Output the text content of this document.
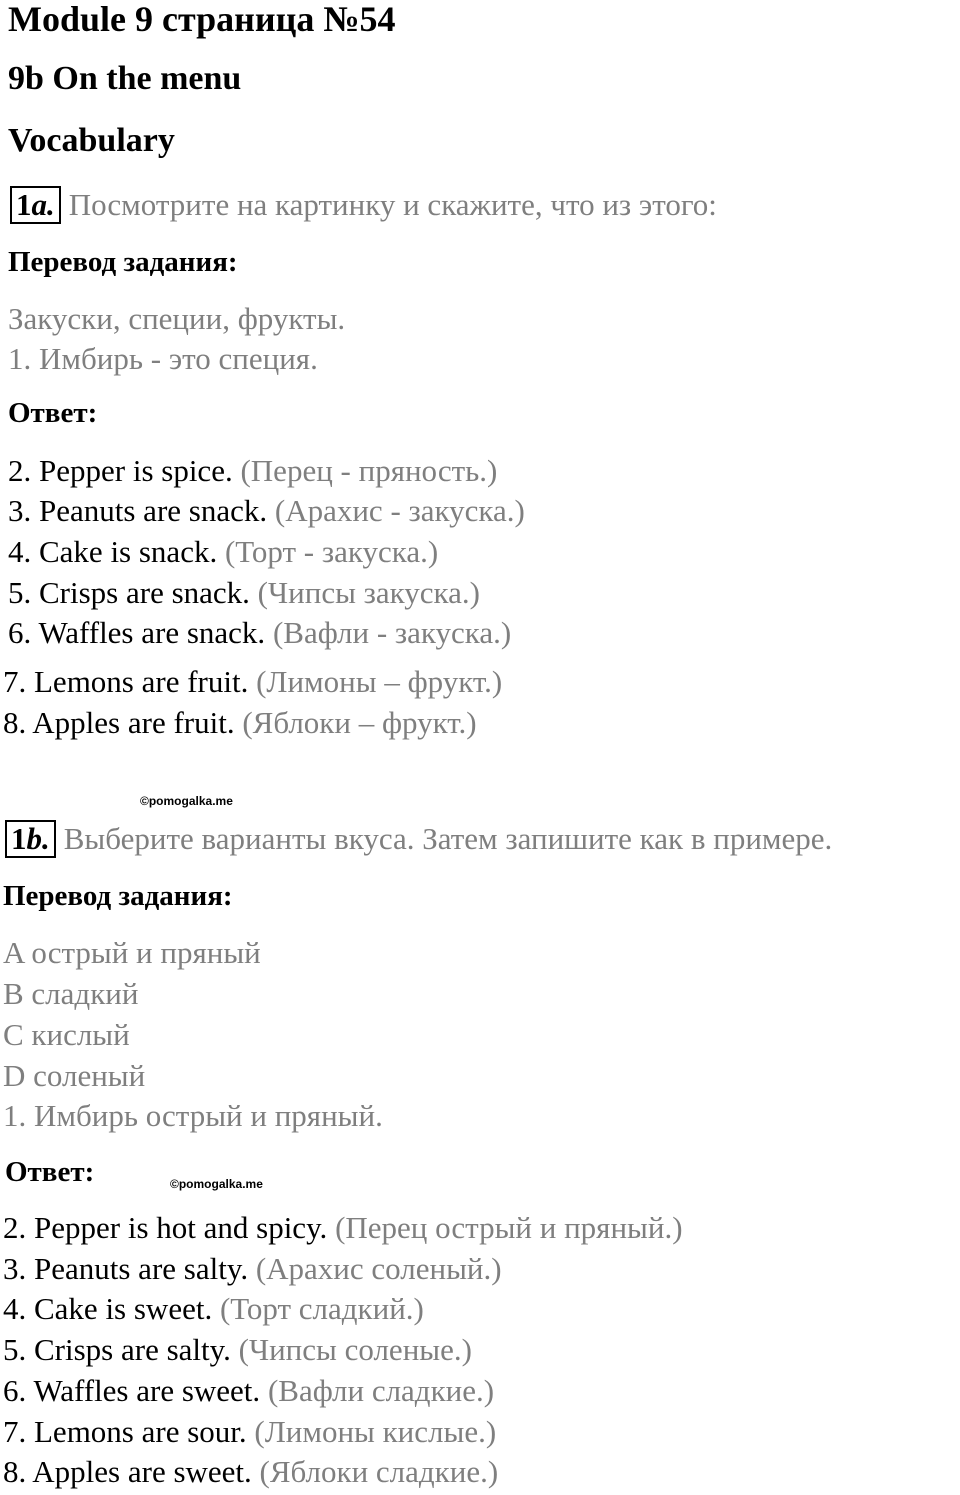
Module 9 страница №54
9b On the menu
Vocabulary
1a. Посмотрите на картинку и скажите, что из этого:
Перевод задания:
Закуски, специи, фрукты.
1. Имбирь - это специя.
Ответ:
2. Pepper is spice. (Перец - пряность.)
3. Peanuts are snack. (Арахис - закуска.)
4. Cake is snack. (Торт - закуска.)
5. Crisps are snack. (Чипсы закуска.)
6. Waffles are snack. (Вафли - закуска.)
7. Lemons are fruit. (Лимоны – фрукт.)
8. Apples are fruit. (Яблоки – фрукт.)
©pomogalka.me
1b. Выберите варианты вкуса. Затем запишите как в примере.
Перевод задания:
A острый и пряный
B сладкий
C кислый
D соленый
1. Имбирь острый и пряный.
Ответ:	©pomogalka.me
2. Pepper is hot and spicy. (Перец острый и пряный.)
3. Peanuts are salty. (Арахис соленый.)
4. Cake is sweet. (Торт сладкий.)
5. Crisps are salty. (Чипсы соленые.)
6. Waffles are sweet. (Вафли сладкие.)
7. Lemons are sour. (Лимоны кислые.)
8. Apples are sweet. (Яблоки сладкие.)
